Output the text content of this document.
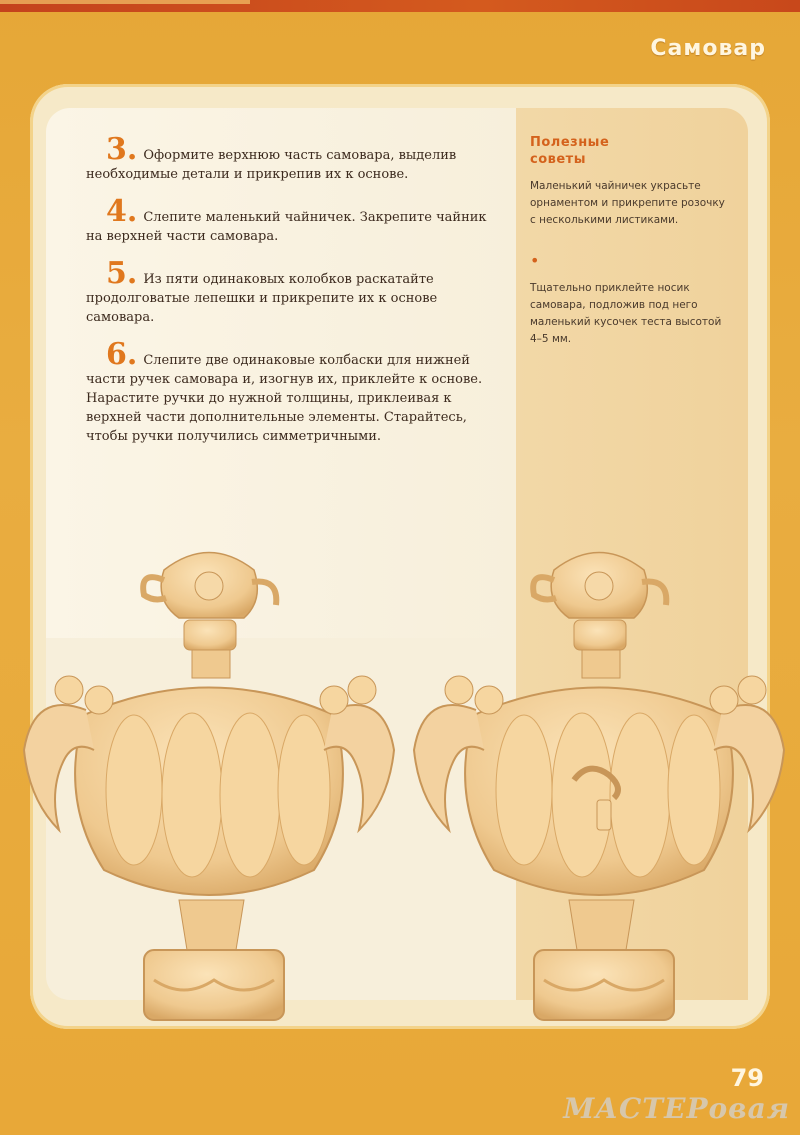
Самовар
3. Оформите верхнюю часть самовара, выделив необходимые детали и прикрепив их к основе.
4. Слепите маленький чайничек. Закрепите чайник на верхней части самовара.
5. Из пяти одинаковых колобков раскатайте продолговатые лепешки и прикрепите их к основе самовара.
6. Слепите две одинаковые колбаски для нижней части ручек самовара и, изогнув их, приклейте к основе. Нарастите ручки до нужной толщины, приклеивая к верхней части дополнительные элементы. Старайтесь, чтобы ручки получились симметричными.
Полезные советы

Маленький чайничек украсьте орнаментом и прикрепите розочку с несколькими листиками.

•

Тщательно приклейте носик самовара, подложив под него маленький кусочек теста высотой 4–5 мм.

79
МАСТЕРовая
